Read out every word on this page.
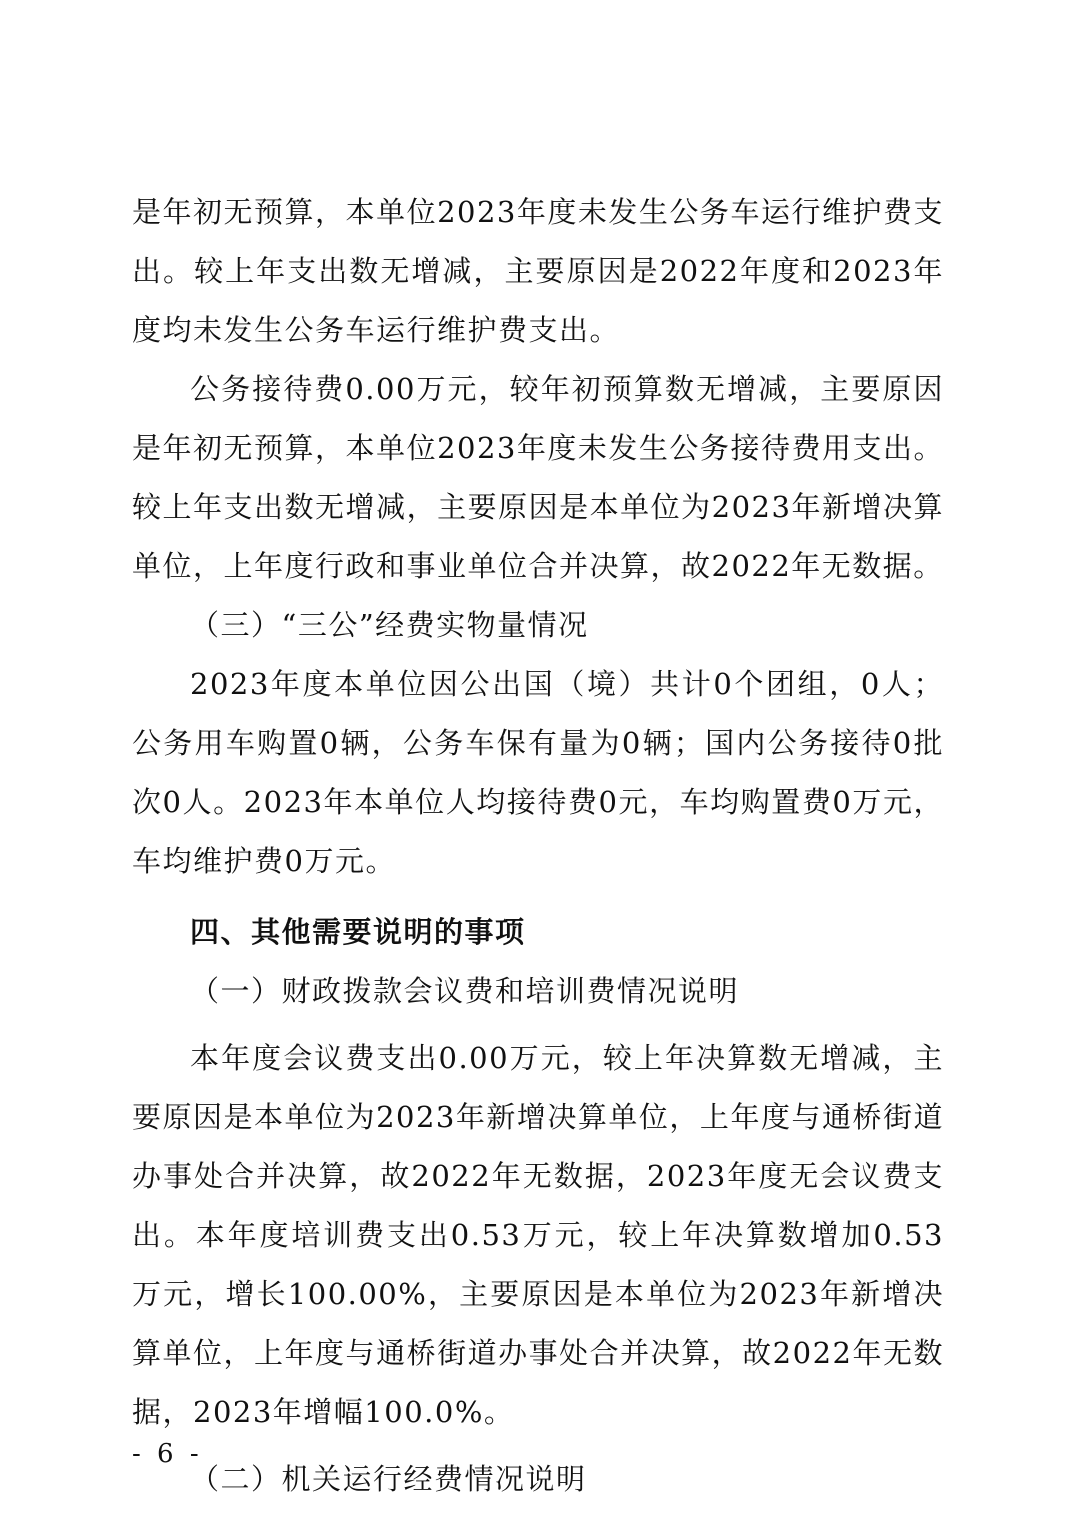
是年初无预算，本单位2023年度未发生公务车运行维护费支出。较上年支出数无增减，主要原因是2022年度和2023年度均未发生公务车运行维护费支出。

公务接待费0.00万元，较年初预算数无增减，主要原因是年初无预算，本单位2023年度未发生公务接待费用支出。较上年支出数无增减，主要原因是本单位为2023年新增决算单位，上年度行政和事业单位合并决算，故2022年无数据。

（三）“三公”经费实物量情况

2023年度本单位因公出国（境）共计0个团组，0人；公务用车购置0辆，公务车保有量为0辆；国内公务接待0批次0人。2023年本单位人均接待费0元，车均购置费0万元，车均维护费0万元。

四、其他需要说明的事项

（一）财政拨款会议费和培训费情况说明

本年度会议费支出0.00万元，较上年决算数无增减，主要原因是本单位为2023年新增决算单位，上年度与通桥街道办事处合并决算，故2022年无数据，2023年度无会议费支出。本年度培训费支出0.53万元，较上年决算数增加0.53万元，增长100.00%，主要原因是本单位为2023年新增决算单位，上年度与通桥街道办事处合并决算，故2022年无数据，2023年增幅100.0%。

（二）机关运行经费情况说明

- 6 -
